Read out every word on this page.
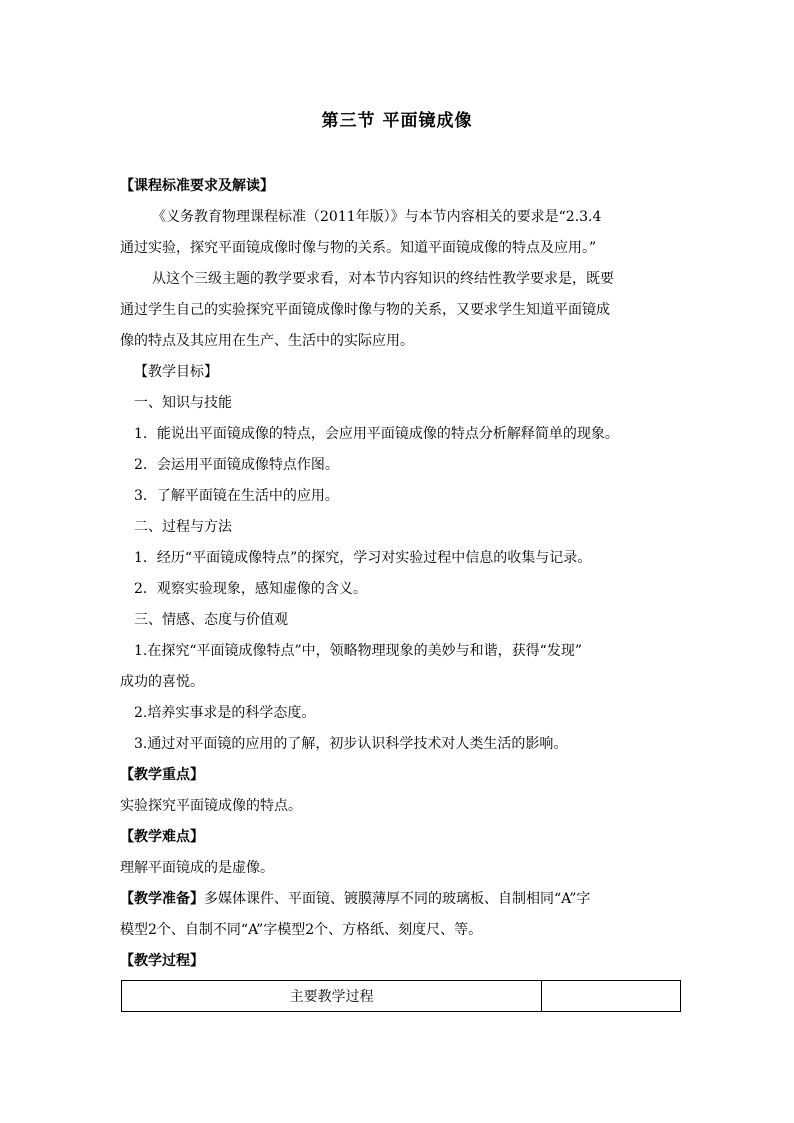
第三节 平面镜成像
【课程标准要求及解读】
《义务教育物理课程标准（2011年版）》与本节内容相关的要求是“2.3.4
通过实验，探究平面镜成像时像与物的关系。知道平面镜成像的特点及应用。”
从这个三级主题的教学要求看，对本节内容知识的终结性教学要求是，既要
通过学生自己的实验探究平面镜成像时像与物的关系，又要求学生知道平面镜成
像的特点及其应用在生产、生活中的实际应用。
【教学目标】
一、知识与技能
1．能说出平面镜成像的特点，会应用平面镜成像的特点分析解释简单的现象。
2．会运用平面镜成像特点作图。
3．了解平面镜在生活中的应用。
二、过程与方法
1．经历“平面镜成像特点”的探究，学习对实验过程中信息的收集与记录。
2．观察实验现象，感知虚像的含义。
三、情感、态度与价值观
1.在探究“平面镜成像特点”中，领略物理现象的美妙与和谐，获得“发现”
成功的喜悦。
2.培养实事求是的科学态度。
3.通过对平面镜的应用的了解，初步认识科学技术对人类生活的影响。
【教学重点】
实验探究平面镜成像的特点。
【教学难点】
理解平面镜成的是虚像。
【教学准备】多媒体课件、平面镜、镀膜薄厚不同的玻璃板、自制相同“A”字
模型2个、自制不同“A”字模型2个、方格纸、刻度尺、等。
【教学过程】
主要教学过程	
